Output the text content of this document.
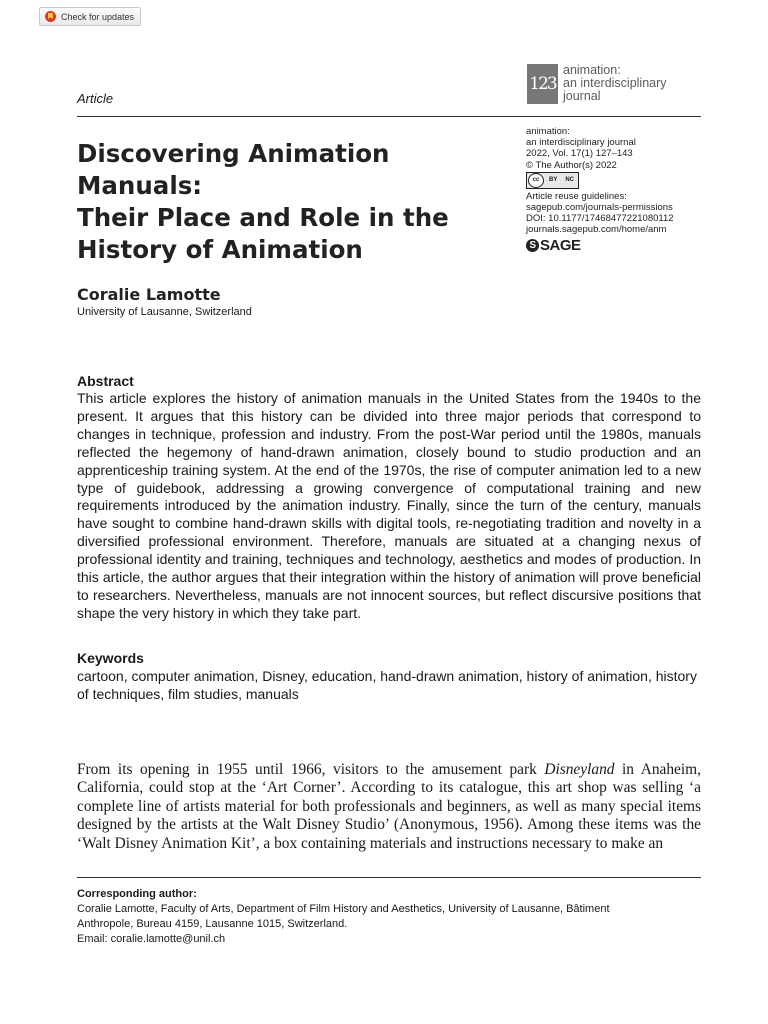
Check for updates
123
animation:
an interdisciplinary
journal
Article
Discovering Animation Manuals:
Their Place and Role in the
History of Animation
animation:
an interdisciplinary journal
2022, Vol. 17(1) 127–143
© The Author(s) 2022
cc	BY	NC
Article reuse guidelines:
sagepub.com/journals-permissions
DOI: 10.1177/17468477221080112
journals.sagepub.com/home/anm
S SAGE
Coralie Lamotte
University of Lausanne, Switzerland
Abstract

This article explores the history of animation manuals in the United States from the 1940s to the present. It argues that this history can be divided into three major periods that correspond to changes in technique, profession and industry. From the post-War period until the 1980s, manuals reflected the hegemony of hand-drawn animation, closely bound to studio production and an apprenticeship training system. At the end of the 1970s, the rise of computer animation led to a new type of guidebook, addressing a growing convergence of computational training and new requirements introduced by the animation industry. Finally, since the turn of the century, manuals have sought to combine hand-drawn skills with digital tools, re-negotiating tradition and novelty in a diversified professional environment. Therefore, manuals are situated at a changing nexus of professional identity and training, techniques and technology, aesthetics and modes of production. In this article, the author argues that their integration within the history of animation will prove beneficial to researchers. Nevertheless, manuals are not innocent sources, but reflect discursive positions that shape the very history in which they take part.

Keywords

cartoon, computer animation, Disney, education, hand-drawn animation, history of animation, history of techniques, film studies, manuals

From its opening in 1955 until 1966, visitors to the amusement park Disneyland in Anaheim, California, could stop at the ‘Art Corner’. According to its catalogue, this art shop was selling ‘a complete line of artists material for both professionals and beginners, as well as many special items designed by the artists at the Walt Disney Studio’ (Anonymous, 1956). Among these items was the ‘Walt Disney Animation Kit’, a box containing materials and instructions necessary to make an

Corresponding author:
Coralie Lamotte, Faculty of Arts, Department of Film History and Aesthetics, University of Lausanne, Bâtiment
Anthropole, Bureau 4159, Lausanne 1015, Switzerland.
Email: coralie.lamotte@unil.ch
